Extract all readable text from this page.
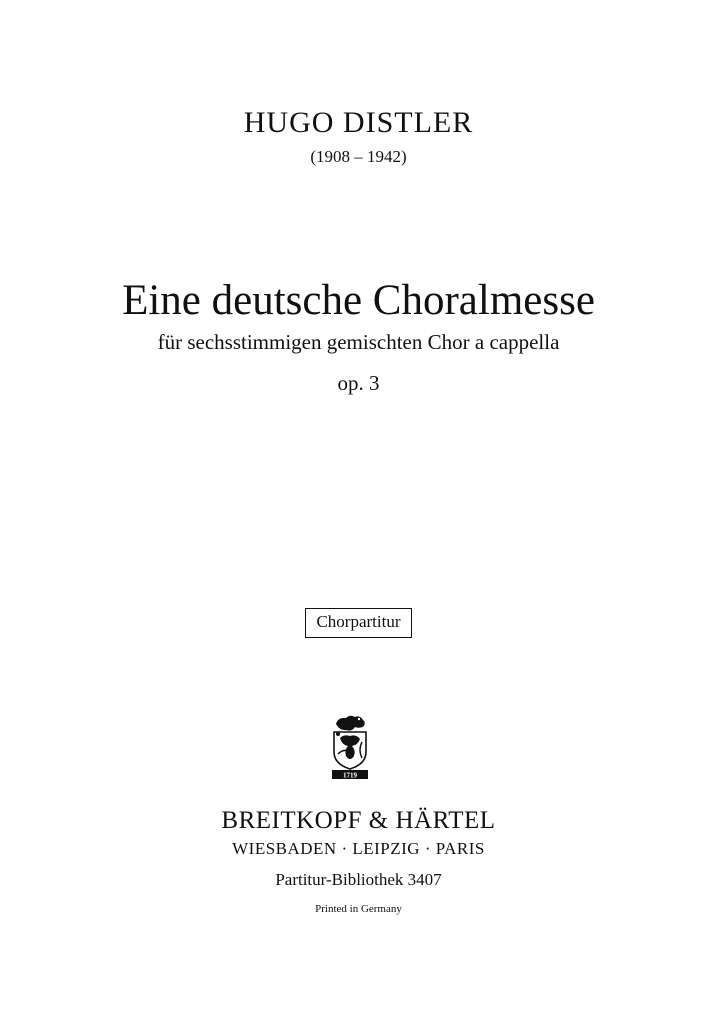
HUGO DISTLER
(1908 – 1942)
Eine deutsche Choralmesse
für sechsstimmigen gemischten Chor a cappella
op. 3
Chorpartitur
1719
BREITKOPF & HÄRTEL
WIESBADEN · LEIPZIG · PARIS
Partitur-Bibliothek 3407
Printed in Germany
